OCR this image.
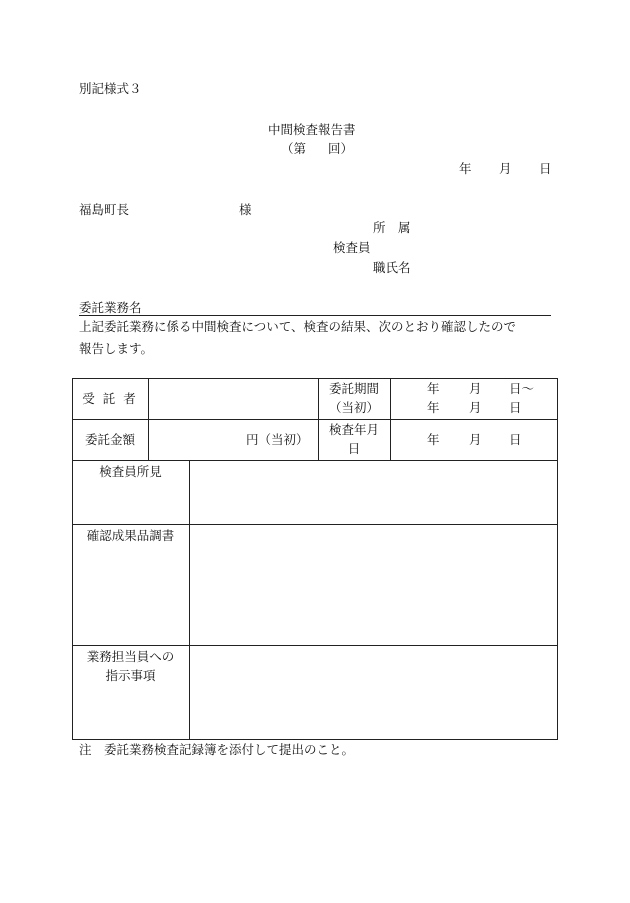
別記様式３
中間検査報告書
（第 回）
年 月 日
福島町長	様
所　属
検査員
職氏名
委託業務名
上記委託業務に係る中間検査について、検査の結果、次のとおり確認したので
報告します。
受 託 者
委託期間
（当初）
年 月 日～
年 月 日
委託金額	円（当初）
検査年月
日
年 月 日
検査員所見
確認成果品調書
業務担当員への
指示事項
注　委託業務検査記録簿を添付して提出のこと。
